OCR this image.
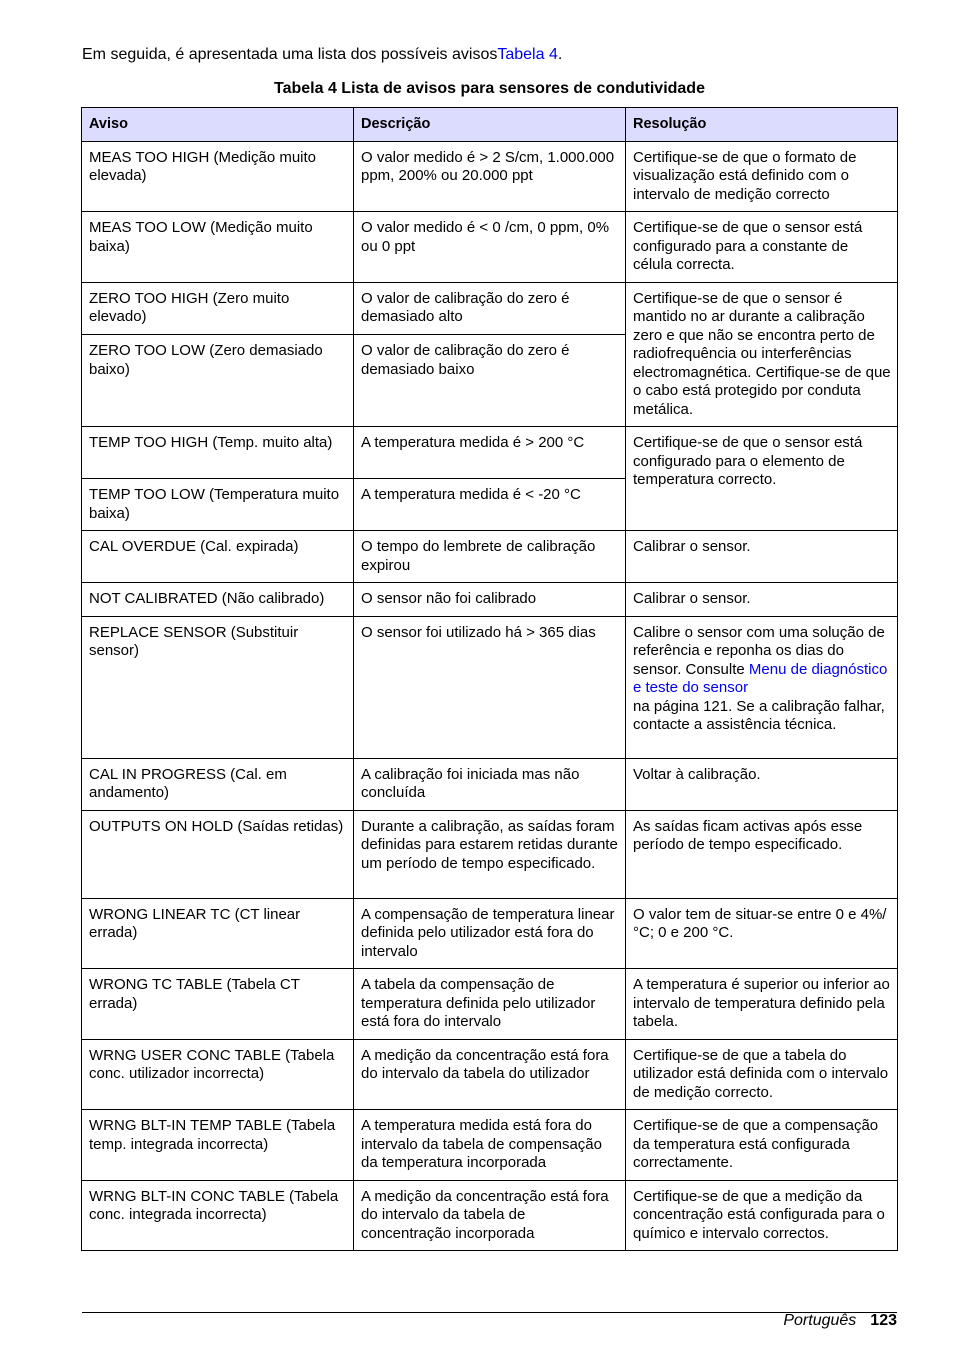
Em seguida, é apresentada uma lista dos possíveis avisosTabela 4.
Tabela 4 Lista de avisos para sensores de condutividade
Aviso	Descrição	Resolução
MEAS TOO HIGH (Medição muito elevada)	O valor medido é > 2 S/cm, 1.000.000 ppm, 200% ou 20.000 ppt	Certifique-se de que o formato de visualização está definido com o intervalo de medição correcto
MEAS TOO LOW (Medição muito baixa)	O valor medido é < 0 /cm, 0 ppm, 0% ou 0 ppt	Certifique-se de que o sensor está configurado para a constante de célula correcta.
ZERO TOO HIGH (Zero muito elevado)	O valor de calibração do zero é demasiado alto	Certifique-se de que o sensor é mantido no ar durante a calibração zero e que não se encontra perto de radiofrequência ou interferências electromagnética. Certifique-se de que o cabo está protegido por conduta metálica.
ZERO TOO LOW (Zero demasiado baixo)	O valor de calibração do zero é demasiado baixo	
TEMP TOO HIGH (Temp. muito alta)	A temperatura medida é > 200 °C	Certifique-se de que o sensor está configurado para o elemento de temperatura correcto.
TEMP TOO LOW (Temperatura muito baixa)	A temperatura medida é < -20 °C	
CAL OVERDUE (Cal. expirada)	O tempo do lembrete de calibração expirou	Calibrar o sensor.
NOT CALIBRATED (Não calibrado)	O sensor não foi calibrado	Calibrar o sensor.
REPLACE SENSOR (Substituir sensor)	O sensor foi utilizado há > 365 dias	Calibre o sensor com uma solução de referência e reponha os dias do sensor. Consulte Menu de diagnóstico e teste do sensor
na página 121. Se a calibração falhar, contacte a assistência técnica.
CAL IN PROGRESS (Cal. em andamento)	A calibração foi iniciada mas não concluída	Voltar à calibração.
OUTPUTS ON HOLD (Saídas retidas)	Durante a calibração, as saídas foram definidas para estarem retidas durante um período de tempo especificado.	As saídas ficam activas após esse período de tempo especificado.
WRONG LINEAR TC (CT linear errada)	A compensação de temperatura linear definida pelo utilizador está fora do intervalo	O valor tem de situar-se entre 0 e 4%/°C; 0 e 200 °C.
WRONG TC TABLE (Tabela CT errada)	A tabela da compensação de temperatura definida pelo utilizador está fora do intervalo	A temperatura é superior ou inferior ao intervalo de temperatura definido pela tabela.
WRNG USER CONC TABLE (Tabela conc. utilizador incorrecta)	A medição da concentração está fora do intervalo da tabela do utilizador	Certifique-se de que a tabela do utilizador está definida com o intervalo de medição correcto.
WRNG BLT-IN TEMP TABLE (Tabela temp. integrada incorrecta)	A temperatura medida está fora do intervalo da tabela de compensação da temperatura incorporada	Certifique-se de que a compensação da temperatura está configurada correctamente.
WRNG BLT-IN CONC TABLE (Tabela conc. integrada incorrecta)	A medição da concentração está fora do intervalo da tabela de concentração incorporada	Certifique-se de que a medição da concentração está configurada para o químico e intervalo correctos.
Português 123
